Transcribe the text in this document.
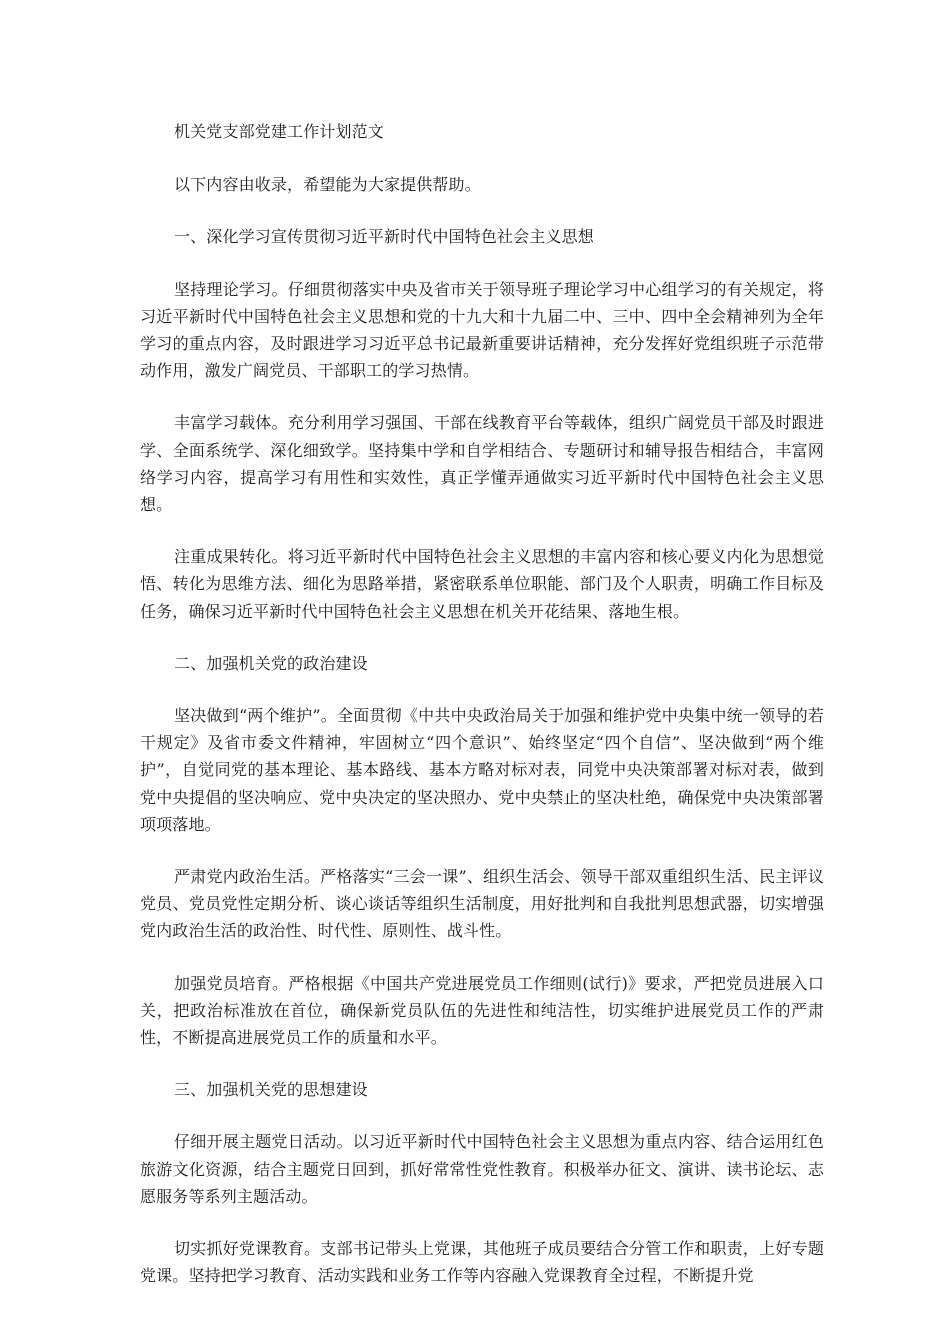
机关党支部党建工作计划范文

以下内容由收录，希望能为大家提供帮助。

一、深化学习宣传贯彻习近平新时代中国特色社会主义思想

坚持理论学习。仔细贯彻落实中央及省市关于领导班子理论学习中心组学习的有关规定，将习近平新时代中国特色社会主义思想和党的十九大和十九届二中、三中、四中全会精神列为全年学习的重点内容，及时跟进学习习近平总书记最新重要讲话精神，充分发挥好党组织班子示范带动作用，激发广阔党员、干部职工的学习热情。

丰富学习载体。充分利用学习强国、干部在线教育平台等载体，组织广阔党员干部及时跟进学、全面系统学、深化细致学。坚持集中学和自学相结合、专题研讨和辅导报告相结合，丰富网络学习内容，提高学习有用性和实效性，真正学懂弄通做实习近平新时代中国特色社会主义思想。

注重成果转化。将习近平新时代中国特色社会主义思想的丰富内容和核心要义内化为思想觉悟、转化为思维方法、细化为思路举措，紧密联系单位职能、部门及个人职责，明确工作目标及任务，确保习近平新时代中国特色社会主义思想在机关开花结果、落地生根。

二、加强机关党的政治建设

坚决做到“两个维护”。全面贯彻《中共中央政治局关于加强和维护党中央集中统一领导的若干规定》及省市委文件精神，牢固树立“四个意识”、始终坚定“四个自信”、坚决做到“两个维护”，自觉同党的基本理论、基本路线、基本方略对标对表，同党中央决策部署对标对表，做到党中央提倡的坚决响应、党中央决定的坚决照办、党中央禁止的坚决杜绝，确保党中央决策部署项项落地。

严肃党内政治生活。严格落实“三会一课”、组织生活会、领导干部双重组织生活、民主评议党员、党员党性定期分析、谈心谈话等组织生活制度，用好批判和自我批判思想武器，切实增强党内政治生活的政治性、时代性、原则性、战斗性。

加强党员培育。严格根据《中国共产党进展党员工作细则(试行)》要求，严把党员进展入口关，把政治标准放在首位，确保新党员队伍的先进性和纯洁性，切实维护进展党员工作的严肃性，不断提高进展党员工作的质量和水平。

三、加强机关党的思想建设

仔细开展主题党日活动。以习近平新时代中国特色社会主义思想为重点内容、结合运用红色旅游文化资源，结合主题党日回到，抓好常常性党性教育。积极举办征文、演讲、读书论坛、志愿服务等系列主题活动。

切实抓好党课教育。支部书记带头上党课，其他班子成员要结合分管工作和职责，上好专题党课。坚持把学习教育、活动实践和业务工作等内容融入党课教育全过程，不断提升党
